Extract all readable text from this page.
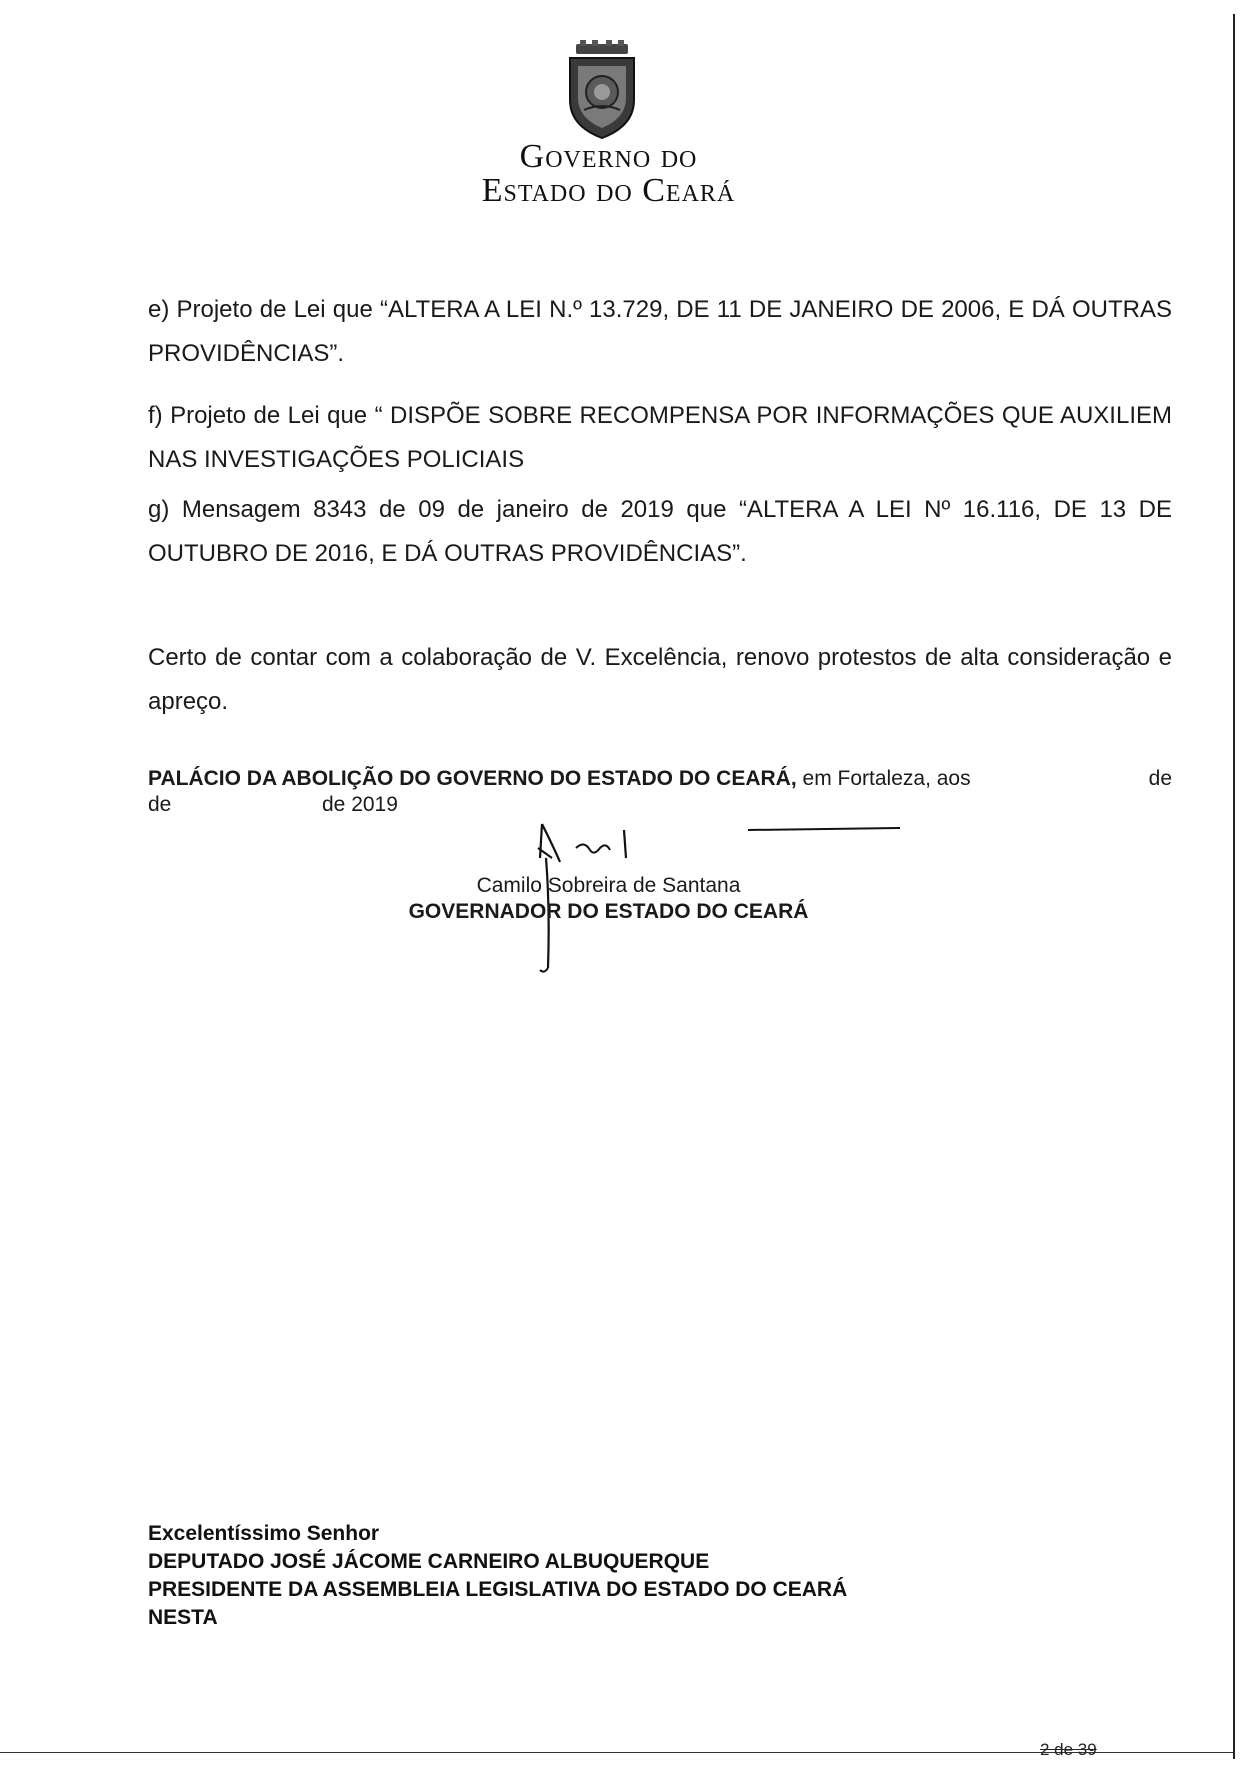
Governo do
Estado do Ceará

e) Projeto de Lei que “ALTERA A LEI N.º 13.729, DE 11 DE JANEIRO DE 2006, E DÁ OUTRAS PROVIDÊNCIAS”.

f) Projeto de Lei que “ DISPÕE SOBRE RECOMPENSA POR INFORMAÇÕES QUE AUXILIEM NAS INVESTIGAÇÕES POLICIAIS

g) Mensagem 8343 de 09 de janeiro de 2019 que “ALTERA A LEI Nº 16.116, DE 13 DE OUTUBRO DE 2016, E DÁ OUTRAS PROVIDÊNCIAS”.

Certo de contar com a colaboração de V. Excelência, renovo protestos de alta consideração e apreço.

PALÁCIO DA ABOLIÇÃO DO GOVERNO DO ESTADO DO CEARÁ, em Fortaleza, aos	de
de	de 2019
Camilo Sobreira de Santana
GOVERNADOR DO ESTADO DO CEARÁ
Excelentíssimo Senhor
DEPUTADO JOSÉ JÁCOME CARNEIRO ALBUQUERQUE
PRESIDENTE DA ASSEMBLEIA LEGISLATIVA DO ESTADO DO CEARÁ
NESTA
2 de 39
